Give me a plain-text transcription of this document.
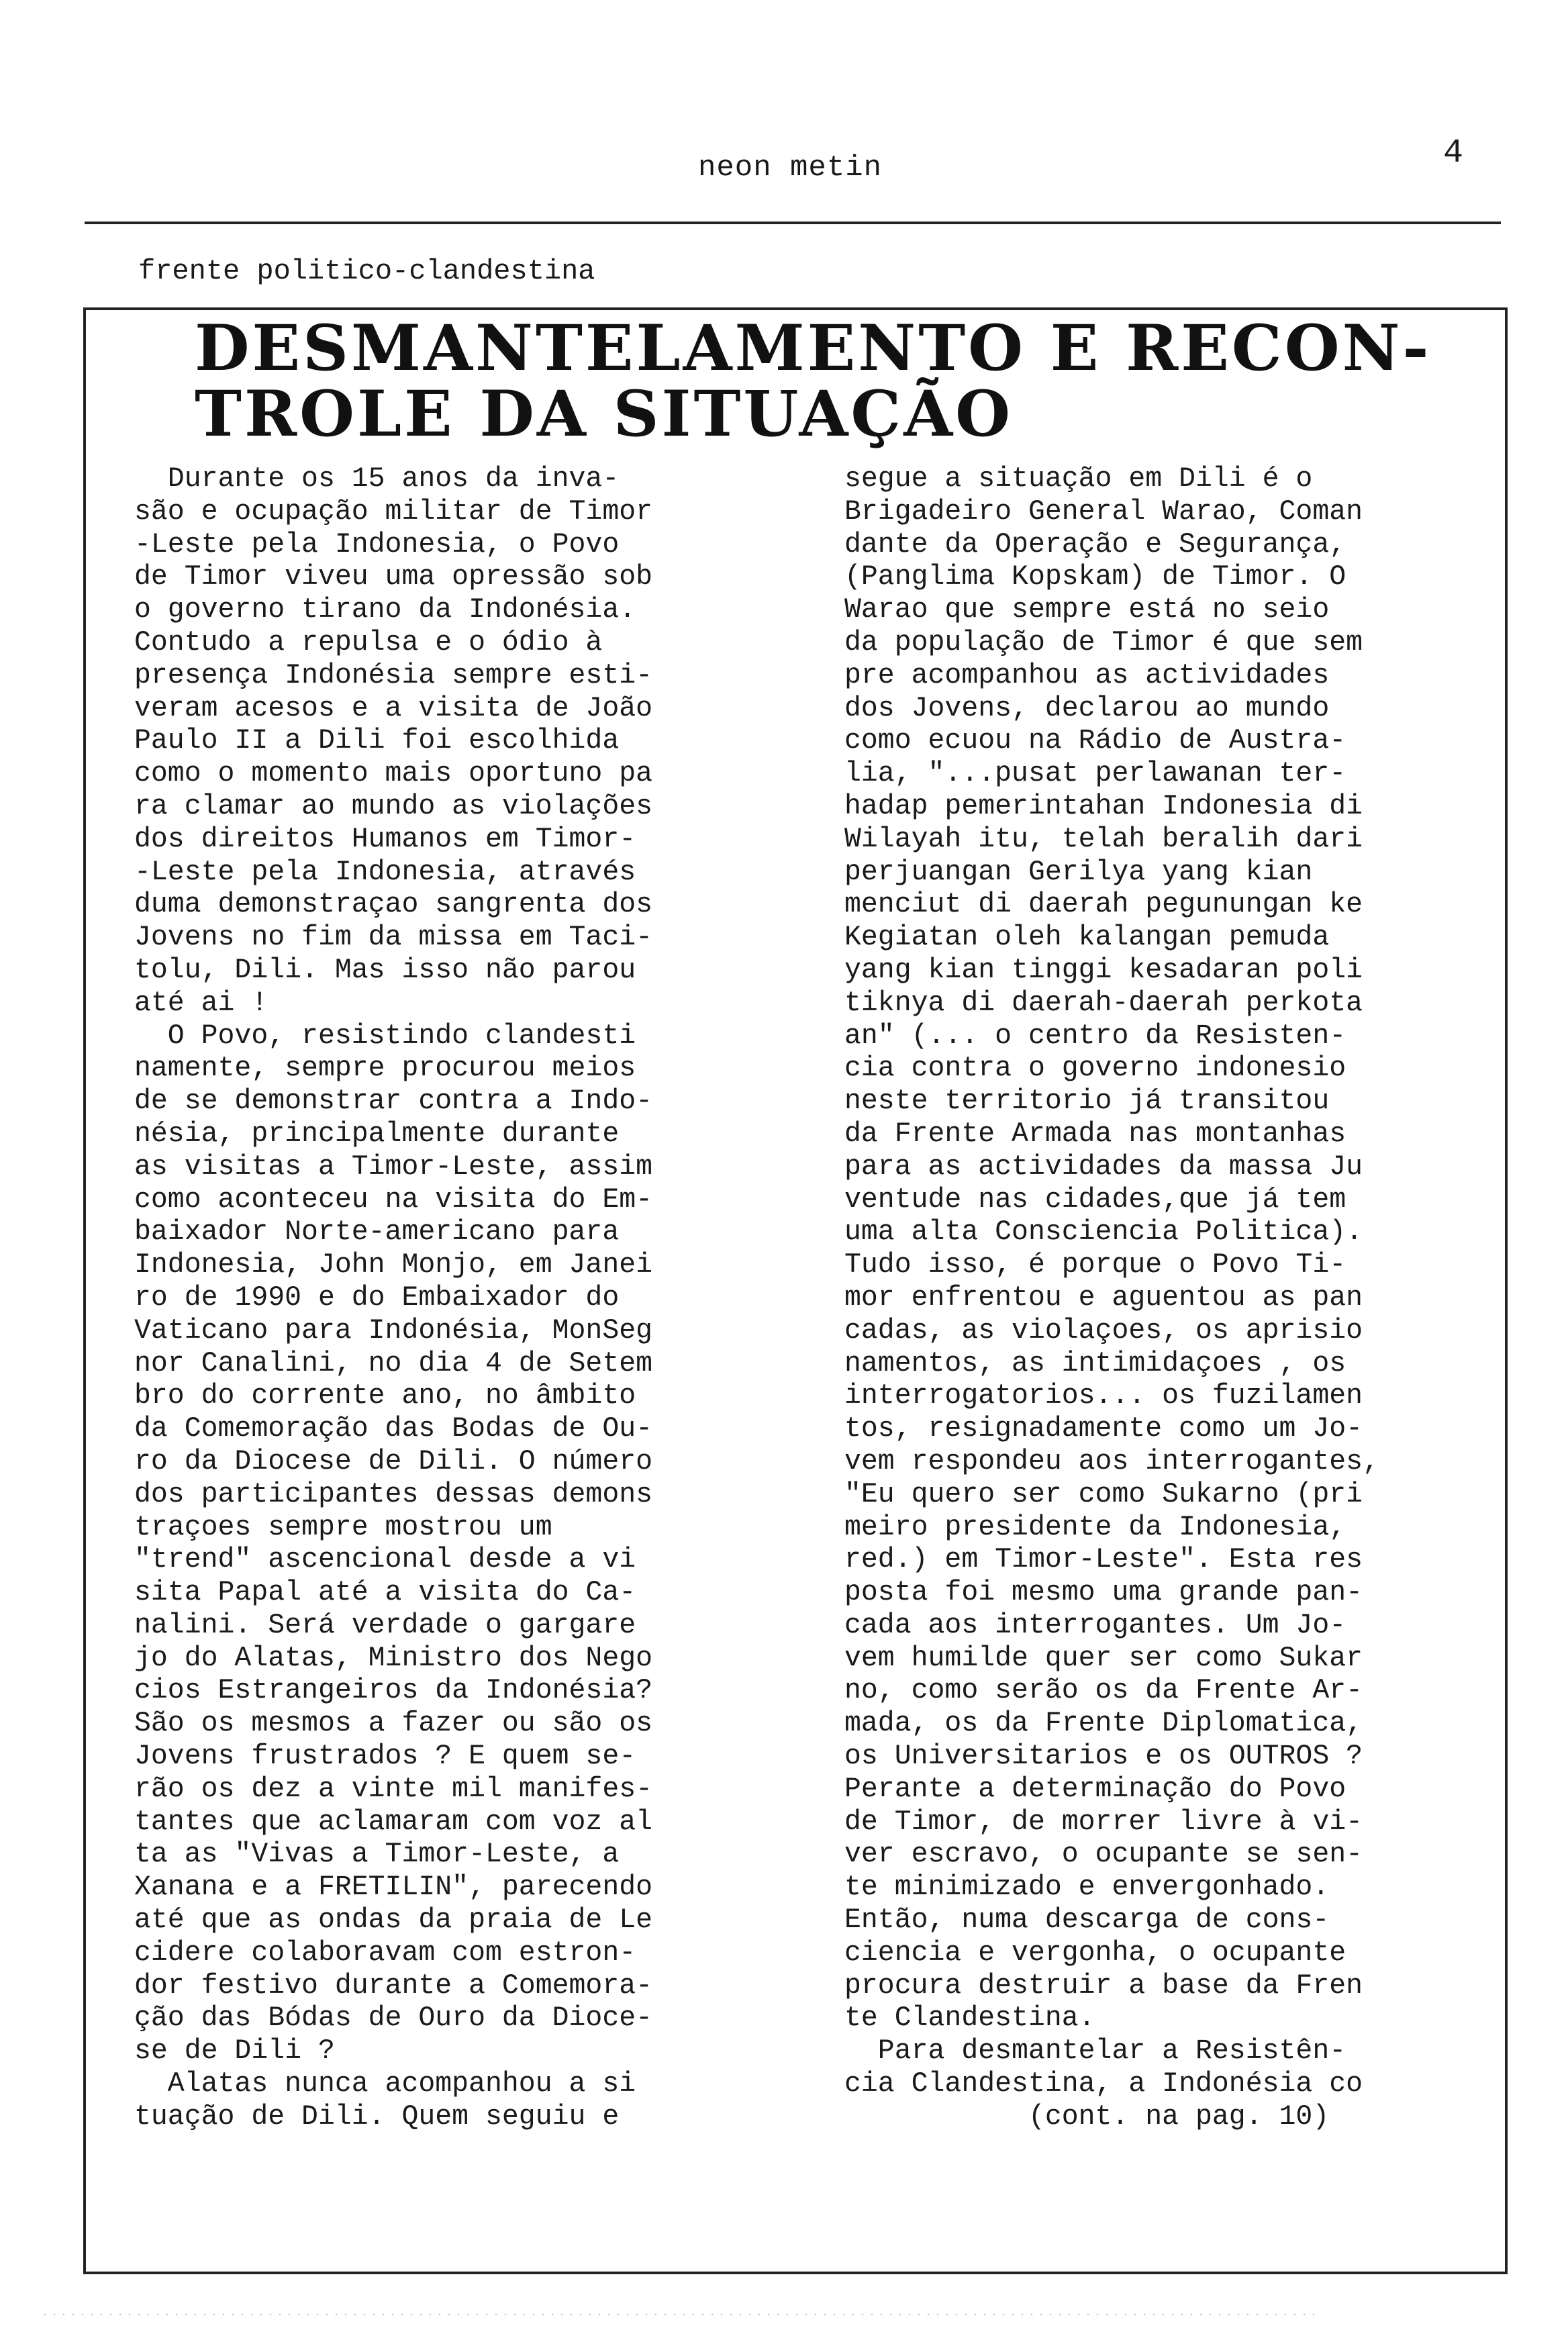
neon metin	4
frente politico-clandestina
DESMANTELAMENTO E RECON-
TROLE DA SITUAÇÃO
Durante os 15 anos da inva-
são e ocupação militar de Timor
-Leste pela Indonesia, o Povo
de Timor viveu uma opressão sob
o governo tirano da Indonésia.
Contudo a repulsa e o ódio à
presença Indonésia sempre esti-
veram acesos e a visita de João
Paulo II a Dili foi escolhida
como o momento mais oportuno pa
ra clamar ao mundo as violações
dos direitos Humanos em Timor-
-Leste pela Indonesia, através
duma demonstraçao sangrenta dos
Jovens no fim da missa em Taci-
tolu, Dili. Mas isso não parou
até ai !
O Povo, resistindo clandesti
namente, sempre procurou meios
de se demonstrar contra a Indo-
nésia, principalmente durante
as visitas a Timor-Leste, assim
como aconteceu na visita do Em-
baixador Norte-americano para
Indonesia, John Monjo, em Janei
ro de 1990 e do Embaixador do
Vaticano para Indonésia, MonSeg
nor Canalini, no dia 4 de Setem
bro do corrente ano, no âmbito
da Comemoração das Bodas de Ou-
ro da Diocese de Dili. O número
dos participantes dessas demons
traçoes sempre mostrou um
"trend" ascencional desde a vi
sita Papal até a visita do Ca-
nalini. Será verdade o gargare
jo do Alatas, Ministro dos Nego
cios Estrangeiros da Indonésia?
São os mesmos a fazer ou são os
Jovens frustrados ? E quem se-
rão os dez a vinte mil manifes-
tantes que aclamaram com voz al
ta as "Vivas a Timor-Leste, a
Xanana e a FRETILIN", parecendo
até que as ondas da praia de Le
cidere colaboravam com estron-
dor festivo durante a Comemora-
ção das Bódas de Ouro da Dioce-
se de Dili ?
Alatas nunca acompanhou a si
tuação de Dili. Quem seguiu e
segue a situação em Dili é o
Brigadeiro General Warao, Coman
dante da Operação e Segurança,
(Panglima Kopskam) de Timor. O
Warao que sempre está no seio
da população de Timor é que sem
pre acompanhou as actividades
dos Jovens, declarou ao mundo
como ecuou na Rádio de Austra-
lia, "...pusat perlawanan ter-
hadap pemerintahan Indonesia di
Wilayah itu, telah beralih dari
perjuangan Gerilya yang kian
menciut di daerah pegunungan ke
Kegiatan oleh kalangan pemuda
yang kian tinggi kesadaran poli
tiknya di daerah-daerah perkota
an" (... o centro da Resisten-
cia contra o governo indonesio
neste territorio já transitou
da Frente Armada nas montanhas
para as actividades da massa Ju
ventude nas cidades,que já tem
uma alta Consciencia Politica).
Tudo isso, é porque o Povo Ti-
mor enfrentou e aguentou as pan
cadas, as violaçoes, os aprisio
namentos, as intimidaçoes , os
interrogatorios... os fuzilamen
tos, resignadamente como um Jo-
vem respondeu aos interrogantes,
"Eu quero ser como Sukarno (pri
meiro presidente da Indonesia,
red.) em Timor-Leste". Esta res
posta foi mesmo uma grande pan-
cada aos interrogantes. Um Jo-
vem humilde quer ser como Sukar
no, como serão os da Frente Ar-
mada, os da Frente Diplomatica,
os Universitarios e os OUTROS ?
Perante a determinação do Povo
de Timor, de morrer livre à vi-
ver escravo, o ocupante se sen-
te minimizado e envergonhado.
Então, numa descarga de cons-
ciencia e vergonha, o ocupante
procura destruir a base da Fren
te Clandestina.
Para desmantelar a Resistên-
cia Clandestina, a Indonésia co
(cont. na pag. 10)
